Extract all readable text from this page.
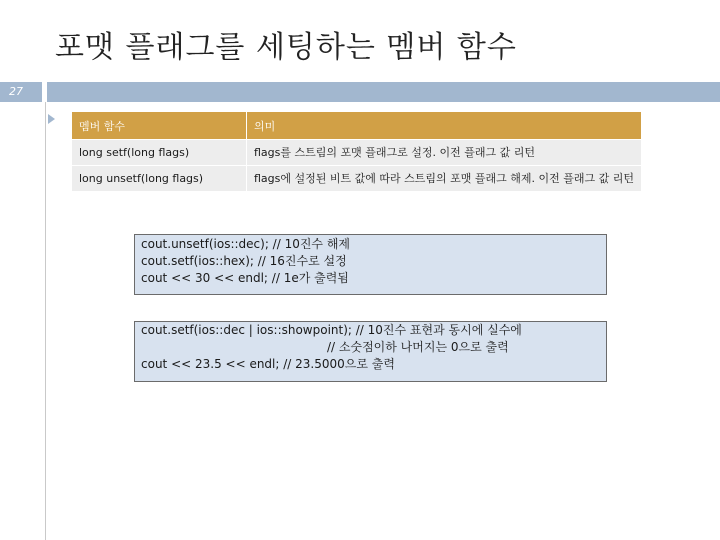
포맷 플래그를 세팅하는 멤버 함수
27
멤버 함수	의미
long setf(long flags)	flags를 스트림의 포맷 플래그로 설정. 이전 플래그 값 리턴
long unsetf(long flags)	flags에 설정된 비트 값에 따라 스트림의 포맷 플래그 해제. 이전 플래그 값 리턴
cout.unsetf(ios::dec); // 10진수 해제
cout.setf(ios::hex); // 16진수로 설정
cout << 30 << endl; // 1e가 출력됨
cout.setf(ios::dec | ios::showpoint); // 10진수 표현과 동시에 실수에
// 소숫점이하 나머지는 0으로 출력
cout << 23.5 << endl; // 23.5000으로 출력
